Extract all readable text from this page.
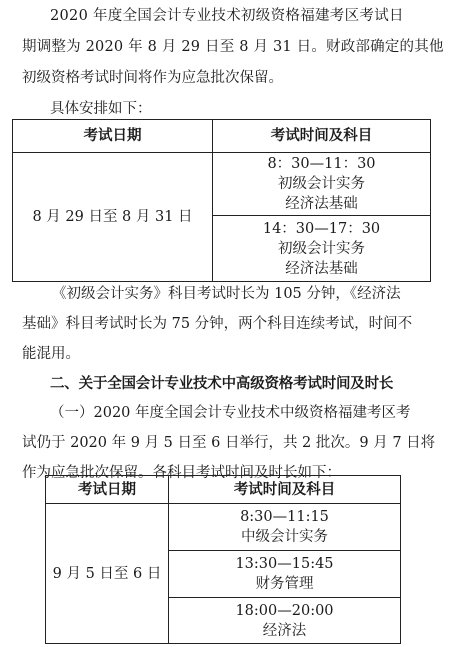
2020 年度全国会计专业技术初级资格福建考区考试日
期调整为 2020 年 8 月 29 日至 8 月 31 日。财政部确定的其他
初级资格考试时间将作为应急批次保留。
具体安排如下：
考试日期	考试时间及科目
8 月 29 日至 8 月 31 日	8：30—11：30
初级会计实务
经济法基础

	14：30—17：30
初级会计实务
经济法基础
《初级会计实务》科目考试时长为 105 分钟，《经济法
基础》科目考试时长为 75 分钟，两个科目连续考试，时间不
能混用。
二、关于全国会计专业技术中高级资格考试时间及时长
（一）2020 年度全国会计专业技术中级资格福建考区考
试仍于 2020 年 9 月 5 日至 6 日举行，共 2 批次。9 月 7 日将
作为应急批次保留。各科目考试时间及时长如下：
考试日期	考试时间及科目
9 月 5 日至 6 日	8:30—11:15
中级会计实务

	13:30—15:45
财务管理

	18:00—20:00
经济法
